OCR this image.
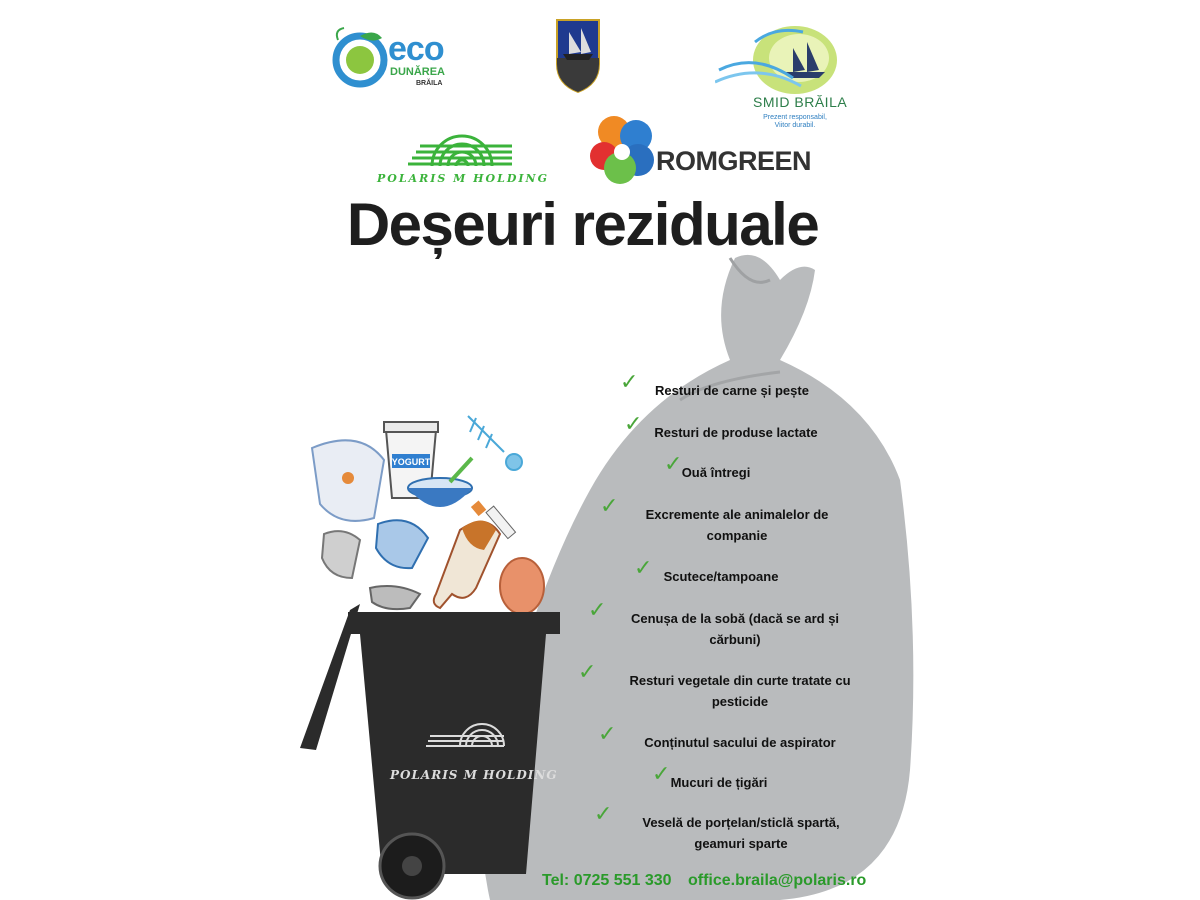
eco
DUNĂREA
BRĂILA
SMID BRĂILA
Prezent responsabil, Viitor durabil.
POLARIS M HOLDING
ROMGREEN
Deșeuri reziduale
✓	Resturi de carne și pește
✓ Resturi de produse lactate
✓ Ouă întregi
✓	Excremente ale animalelor de
companie
✓ Scutece/tampoane
✓	Cenușa de la sobă (dacă se ard și
cărbuni)
✓	Resturi vegetale din curte tratate cu
pesticide
✓	Conținutul sacului de aspirator
✓ Mucuri de țigări
✓	Veselă de porțelan/sticlă spartă,
geamuri sparte
YOGURT
POLARIS M HOLDING
Tel: 0725 551 330 office.braila@polaris.ro
